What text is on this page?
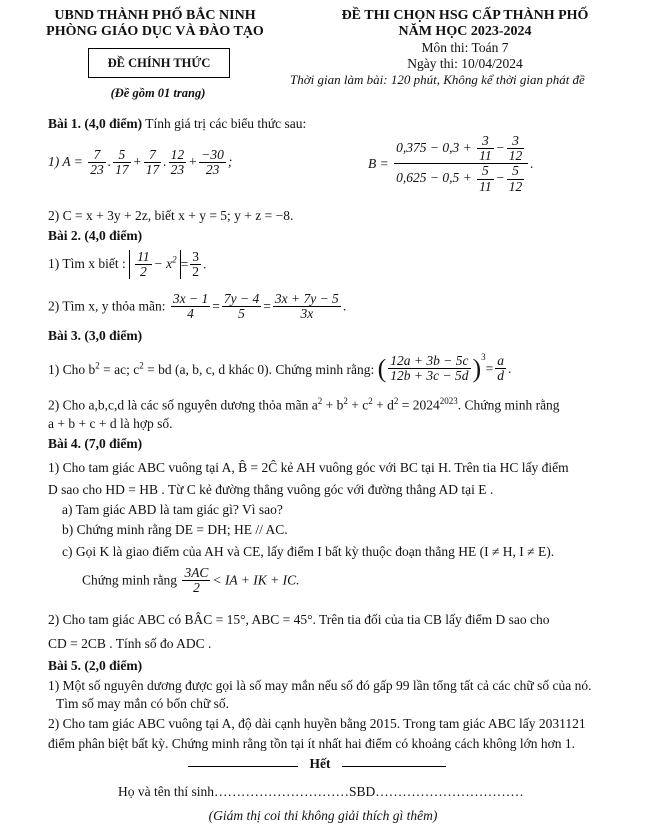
UBND THÀNH PHỐ BẮC NINH
PHÒNG GIÁO DỤC VÀ ĐÀO TẠO
ĐỀ CHÍNH THỨC
(Đề gồm 01 trang)
ĐỀ THI CHỌN HSG CẤP THÀNH PHỐ
NĂM HỌC 2023-2024
Môn thi: Toán 7
Ngày thi: 10/04/2024
Thời gian làm bài: 120 phút, Không kể thời gian phát đề
Bài 1. (4,0 điểm) Tính giá trị các biểu thức sau:
1) $A = \frac{7}{23}$ . $\frac{5}{17} + \frac{7}{17}$ . $\frac{12}{23} + \frac{-30}{23}$ ;	$B = \frac{0,375 - 0,3 + \frac{3}{11} - \frac{3}{12}}{0,625 - 0,5 + \frac{5}{11} - \frac{5}{12}}$ .
2) C = x + 3y + 2z, biết x + y = 5; y + z = −8.
Bài 2. (4,0 điểm)
1) Tìm x biết : $\frac{11}{2} - x^2 = \frac{3}{2}$ .
2) Tìm x, y thỏa mãn: $\frac{3x - 1}{4} = \frac{7y - 4}{5} = \frac{3x + 7y - 5}{3x}$ .
Bài 3. (3,0 điểm)
1) Cho $b^2$ = ac; $c^2$ = bd (a, b, c, d khác 0). Chứng minh rằng: ( $\frac{12a + 3b - 5c}{12b + 3c - 5d} )^3= \frac{a}{d}$ .
2) Cho a,b,c,d là các số nguyên dương thỏa mãn $a^2 + b^2 + c^2 + d^2 = 2024^{2023}$. Chứng minh rằng
a + b + c + d là hợp số.
Bài 4. (7,0 điểm)
1) Cho tam giác ABC vuông tại A, B̂ = 2Ĉ kẻ AH vuông góc với BC tại H. Trên tia HC lấy điểm
D sao cho HD = HB . Từ C kẻ đường thẳng vuông góc với đường thẳng AD tại E .
a) Tam giác ABD là tam giác gì? Vì sao?
b) Chứng minh rằng DE = DH; HE // AC.
c) Gọi K là giao điểm của AH và CE, lấy điểm I bất kỳ thuộc đoạn thẳng HE (I ≠ H, I ≠ E).
Chứng minh rằng $\frac{3AC}{2}$ < IA + IK + IC.
2) Cho tam giác ABC có BÂC = 15°, ABC = 45°. Trên tia đối của tia CB lấy điểm D sao cho
CD = 2CB . Tính số đo ADC .
Bài 5. (2,0 điểm)
1) Một số nguyên dương được gọi là số may mắn nếu số đó gấp 99 lần tổng tất cả các chữ số của nó.
Tìm số may mắn có bốn chữ số.
2) Cho tam giác ABC vuông tại A, độ dài cạnh huyền bằng 2015. Trong tam giác ABC lấy 2031121
điểm phân biệt bất kỳ. Chứng minh rằng tồn tại ít nhất hai điểm có khoảng cách không lớn hơn 1.
Hết
Họ và tên thí sinh…………………………SBD……………………………
(Giám thị coi thi không giải thích gì thêm)
